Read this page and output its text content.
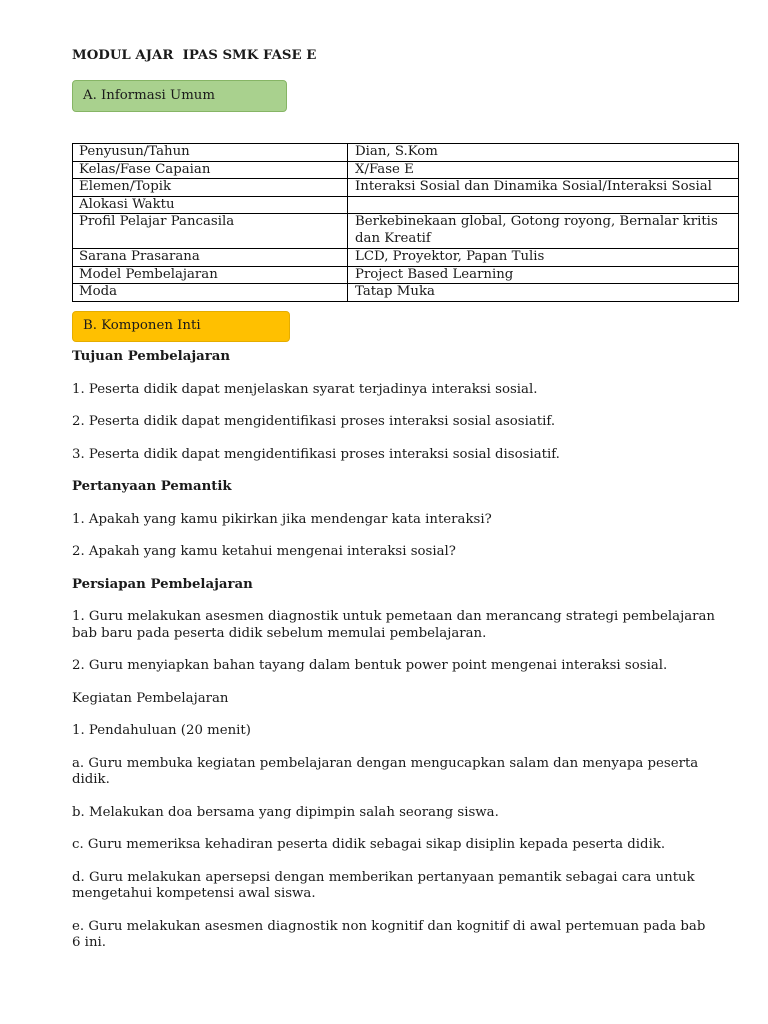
MODUL AJAR  IPAS SMK FASE E
A. Informasi Umum
Penyusun/Tahun	Dian, S.Kom

Kelas/Fase Capaian	X/Fase E

Elemen/Topik	Interaksi Sosial dan Dinamika Sosial/Interaksi Sosial

Alokasi Waktu	
Profil Pelajar Pancasila	Berkebinekaan global, Gotong royong, Bernalar kritis
dan Kreatif

Sarana Prasarana	LCD, Proyektor, Papan Tulis

Model Pembelajaran	Project Based Learning

Moda	Tatap Muka
B. Komponen Inti
Tujuan Pembelajaran
1. Peserta didik dapat menjelaskan syarat terjadinya interaksi sosial.
2. Peserta didik dapat mengidentifikasi proses interaksi sosial asosiatif.
3. Peserta didik dapat mengidentifikasi proses interaksi sosial disosiatif.
Pertanyaan Pemantik
1. Apakah yang kamu pikirkan jika mendengar kata interaksi?
2. Apakah yang kamu ketahui mengenai interaksi sosial?
Persiapan Pembelajaran
1. Guru melakukan asesmen diagnostik untuk pemetaan dan merancang strategi pembelajaran
bab baru pada peserta didik sebelum memulai pembelajaran.
2. Guru menyiapkan bahan tayang dalam bentuk power point mengenai interaksi sosial.
Kegiatan Pembelajaran
1. Pendahuluan (20 menit)
a. Guru membuka kegiatan pembelajaran dengan mengucapkan salam dan menyapa peserta
didik.
b. Melakukan doa bersama yang dipimpin salah seorang siswa.
c. Guru memeriksa kehadiran peserta didik sebagai sikap disiplin kepada peserta didik.
d. Guru melakukan apersepsi dengan memberikan pertanyaan pemantik sebagai cara untuk
mengetahui kompetensi awal siswa.
e. Guru melakukan asesmen diagnostik non kognitif dan kognitif di awal pertemuan pada bab
6 ini.
